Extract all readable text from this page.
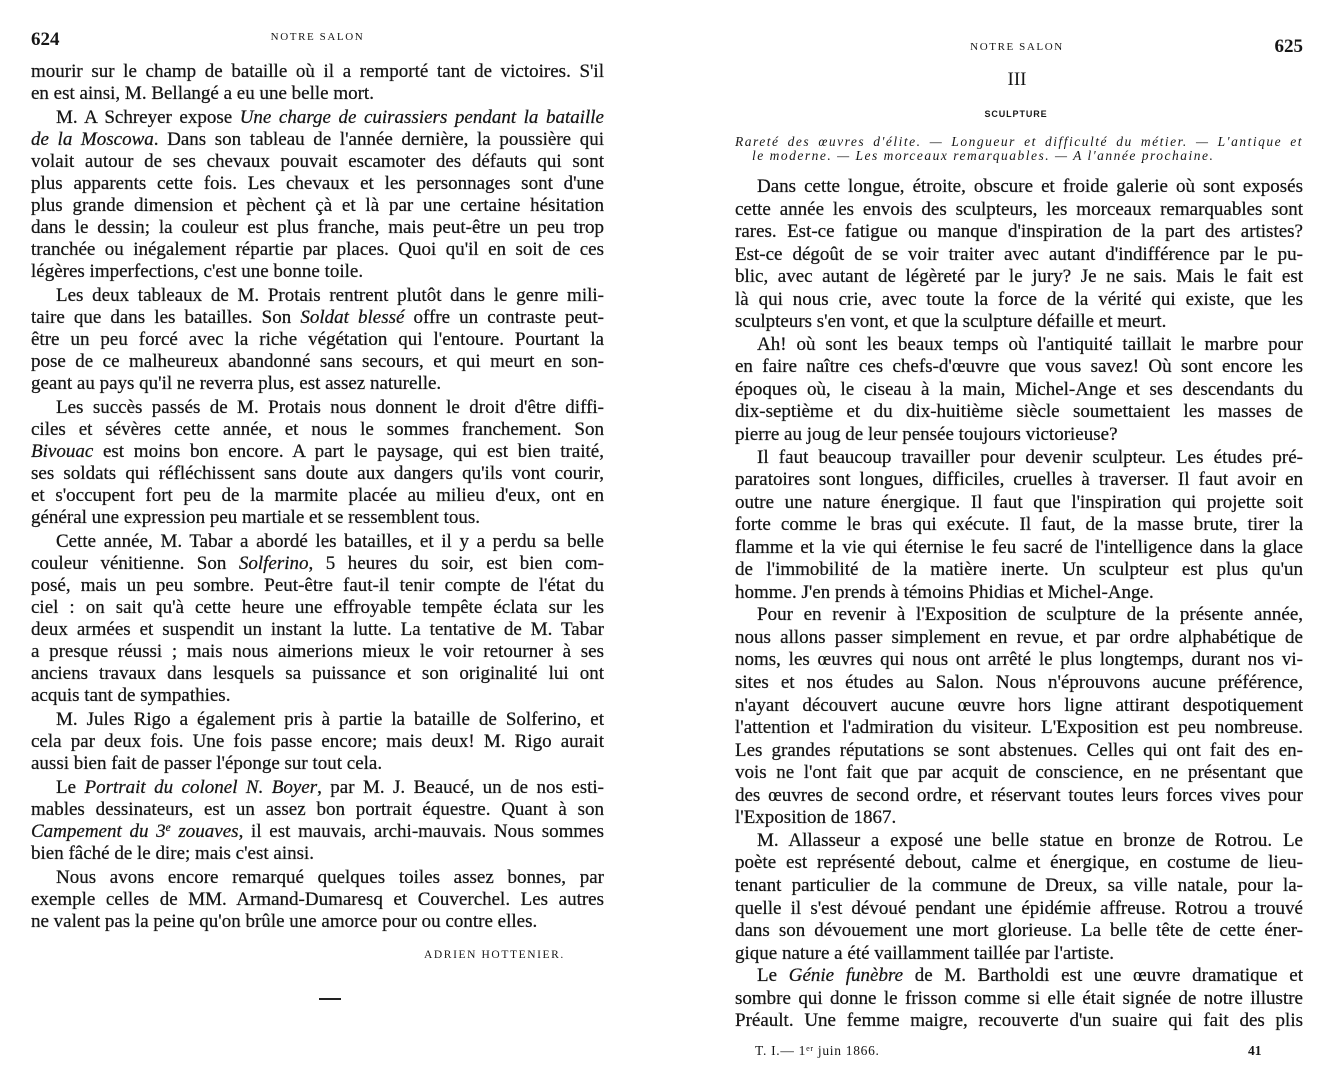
624	NOTRE SALON
mourir sur le champ de bataille où il a remporté tant de victoires. S'il
en est ainsi, M. Bellangé a eu une belle mort.
M. A Schreyer expose Une charge de cuirassiers pendant la bataille
de la Moscowa. Dans son tableau de l'année dernière, la poussière qui
volait autour de ses chevaux pouvait escamoter des défauts qui sont
plus apparents cette fois. Les chevaux et les personnages sont d'une
plus grande dimension et pèchent çà et là par une certaine hésitation
dans le dessin; la couleur est plus franche, mais peut-être un peu trop
tranchée ou inégalement répartie par places. Quoi qu'il en soit de ces
légères imperfections, c'est une bonne toile.
Les deux tableaux de M. Protais rentrent plutôt dans le genre mili-
taire que dans les batailles. Son Soldat blessé offre un contraste peut-
être un peu forcé avec la riche végétation qui l'entoure. Pourtant la
pose de ce malheureux abandonné sans secours, et qui meurt en son-
geant au pays qu'il ne reverra plus, est assez naturelle.
Les succès passés de M. Protais nous donnent le droit d'être diffi-
ciles et sévères cette année, et nous le sommes franchement. Son
Bivouac est moins bon encore. A part le paysage, qui est bien traité,
ses soldats qui réfléchissent sans doute aux dangers qu'ils vont courir,
et s'occupent fort peu de la marmite placée au milieu d'eux, ont en
général une expression peu martiale et se ressemblent tous.
Cette année, M. Tabar a abordé les batailles, et il y a perdu sa belle
couleur vénitienne. Son Solferino, 5 heures du soir, est bien com-
posé, mais un peu sombre. Peut-être faut-il tenir compte de l'état du
ciel : on sait qu'à cette heure une effroyable tempête éclata sur les
deux armées et suspendit un instant la lutte. La tentative de M. Tabar
a presque réussi ; mais nous aimerions mieux le voir retourner à ses
anciens travaux dans lesquels sa puissance et son originalité lui ont
acquis tant de sympathies.
M. Jules Rigo a également pris à partie la bataille de Solferino, et
cela par deux fois. Une fois passe encore; mais deux! M. Rigo aurait
aussi bien fait de passer l'éponge sur tout cela.
Le Portrait du colonel N. Boyer, par M. J. Beaucé, un de nos esti-
mables dessinateurs, est un assez bon portrait équestre. Quant à son
Campement du 3e zouaves, il est mauvais, archi-mauvais. Nous sommes
bien fâché de le dire; mais c'est ainsi.
Nous avons encore remarqué quelques toiles assez bonnes, par
exemple celles de MM. Armand-Dumaresq et Couverchel. Les autres
ne valent pas la peine qu'on brûle une amorce pour ou contre elles.
ADRIEN HOTTENIER.
NOTRE SALON	625
III
SCULPTURE
Rareté des œuvres d'élite. — Longueur et difficulté du métier. — L'antique et
le moderne. — Les morceaux remarquables. — A l'année prochaine.
Dans cette longue, étroite, obscure et froide galerie où sont exposés
cette année les envois des sculpteurs, les morceaux remarquables sont
rares. Est-ce fatigue ou manque d'inspiration de la part des artistes?
Est-ce dégoût de se voir traiter avec autant d'indifférence par le pu-
blic, avec autant de légèreté par le jury? Je ne sais. Mais le fait est
là qui nous crie, avec toute la force de la vérité qui existe, que les
sculpteurs s'en vont, et que la sculpture défaille et meurt.
Ah! où sont les beaux temps où l'antiquité taillait le marbre pour
en faire naître ces chefs-d'œuvre que vous savez! Où sont encore les
époques où, le ciseau à la main, Michel-Ange et ses descendants du
dix-septième et du dix-huitième siècle soumettaient les masses de
pierre au joug de leur pensée toujours victorieuse?
Il faut beaucoup travailler pour devenir sculpteur. Les études pré-
paratoires sont longues, difficiles, cruelles à traverser. Il faut avoir en
outre une nature énergique. Il faut que l'inspiration qui projette soit
forte comme le bras qui exécute. Il faut, de la masse brute, tirer la
flamme et la vie qui éternise le feu sacré de l'intelligence dans la glace
de l'immobilité de la matière inerte. Un sculpteur est plus qu'un
homme. J'en prends à témoins Phidias et Michel-Ange.
Pour en revenir à l'Exposition de sculpture de la présente année,
nous allons passer simplement en revue, et par ordre alphabétique de
noms, les œuvres qui nous ont arrêté le plus longtemps, durant nos vi-
sites et nos études au Salon. Nous n'éprouvons aucune préférence,
n'ayant découvert aucune œuvre hors ligne attirant despotiquement
l'attention et l'admiration du visiteur. L'Exposition est peu nombreuse.
Les grandes réputations se sont abstenues. Celles qui ont fait des en-
vois ne l'ont fait que par acquit de conscience, en ne présentant que
des œuvres de second ordre, et réservant toutes leurs forces vives pour
l'Exposition de 1867.
M. Allasseur a exposé une belle statue en bronze de Rotrou. Le
poète est représenté debout, calme et énergique, en costume de lieu-
tenant particulier de la commune de Dreux, sa ville natale, pour la-
quelle il s'est dévoué pendant une épidémie affreuse. Rotrou a trouvé
dans son dévouement une mort glorieuse. La belle tête de cette éner-
gique nature a été vaillamment taillée par l'artiste.
Le Génie funèbre de M. Bartholdi est une œuvre dramatique et
sombre qui donne le frisson comme si elle était signée de notre illustre
Préault. Une femme maigre, recouverte d'un suaire qui fait des plis
T. I.— 1er juin 1866.	41
